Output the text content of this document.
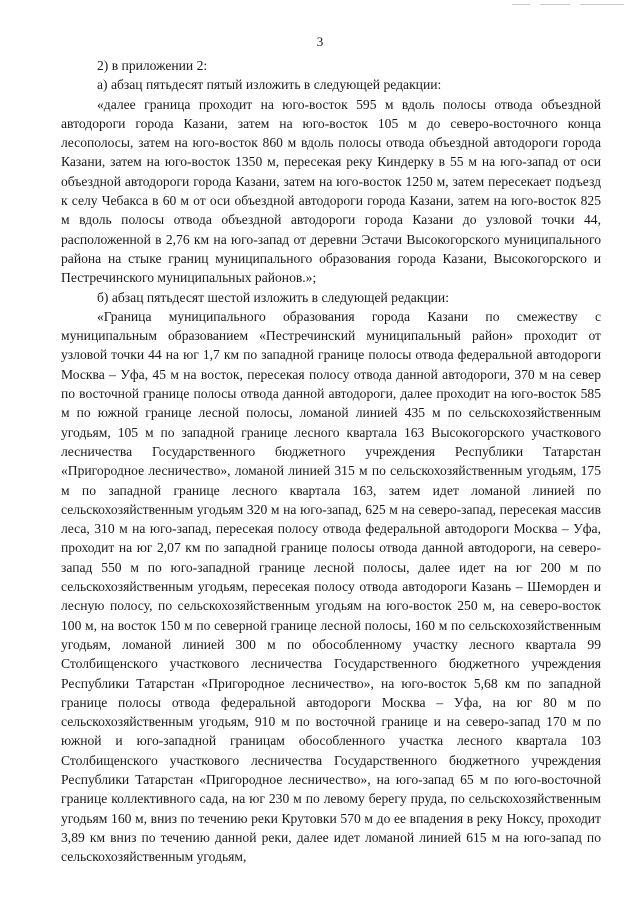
3

2) в приложении 2:

а) абзац пятьдесят пятый изложить в следующей редакции:

«далее граница проходит на юго-восток 595 м вдоль полосы отвода объездной автодороги города Казани, затем на юго-восток 105 м до северо-восточного конца лесополосы, затем на юго-восток 860 м вдоль полосы отвода объездной автодороги города Казани, затем на юго-восток 1350 м, пересекая реку Киндерку в 55 м на юго-запад от оси объездной автодороги города Казани, затем на юго-восток 1250 м, затем пересекает подъезд к селу Чебакса в 60 м от оси объездной автодороги города Казани, затем на юго-восток 825 м вдоль полосы отвода объездной автодороги города Казани до узловой точки 44, расположенной в 2,76 км на юго-запад от деревни Эстачи Высокогорского муниципального района на стыке границ муниципального образования города Казани, Высокогорского и Пестречинского муниципальных районов.»;

б) абзац пятьдесят шестой изложить в следующей редакции:

«Граница муниципального образования города Казани по смежеству с муниципальным образованием «Пестречинский муниципальный район» проходит от узловой точки 44 на юг 1,7 км по западной границе полосы отвода федеральной автодороги Москва – Уфа, 45 м на восток, пересекая полосу отвода данной автодороги, 370 м на север по восточной границе полосы отвода данной автодороги, далее проходит на юго-восток 585 м по южной границе лесной полосы, ломаной линией 435 м по сельскохозяйственным угодьям, 105 м по западной границе лесного квартала 163 Высокогорского участкового лесничества Государственного бюджетного учреждения Республики Татарстан «Пригородное лесничество», ломаной линией 315 м по сельскохозяйственным угодьям, 175 м по западной границе лесного квартала 163, затем идет ломаной линией по сельскохозяйственным угодьям 320 м на юго-запад, 625 м на северо-запад, пересекая массив леса, 310 м на юго-запад, пересекая полосу отвода федеральной автодороги Москва – Уфа, проходит на юг 2,07 км по западной границе полосы отвода данной автодороги, на северо-запад 550 м по юго-западной границе лесной полосы, далее идет на юг 200 м по сельскохозяйственным угодьям, пересекая полосу отвода автодороги Казань – Шеморден и лесную полосу, по сельскохозяйственным угодьям на юго-восток 250 м, на северо-восток 100 м, на восток 150 м по северной границе лесной полосы, 160 м по сельскохозяйственным угодьям, ломаной линией 300 м по обособленному участку лесного квартала 99 Столбищенского участкового лесничества Государственного бюджетного учреждения Республики Татарстан «Пригородное лесничество», на юго-восток 5,68 км по западной границе полосы отвода федеральной автодороги Москва – Уфа, на юг 80 м по сельскохозяйственным угодьям, 910 м по восточной границе и на северо-запад 170 м по южной и юго-западной границам обособленного участка лесного квартала 103 Столбищенского участкового лесничества Государственного бюджетного учреждения Республики Татарстан «Пригородное лесничество», на юго-запад 65 м по юго-восточной границе коллективного сада, на юг 230 м по левому берегу пруда, по сельскохозяйственным угодьям 160 м, вниз по течению реки Крутовки 570 м до ее впадения в реку Ноксу, проходит 3,89 км вниз по течению данной реки, далее идет ломаной линией 615 м на юго-запад по сельскохозяйственным угодьям,
